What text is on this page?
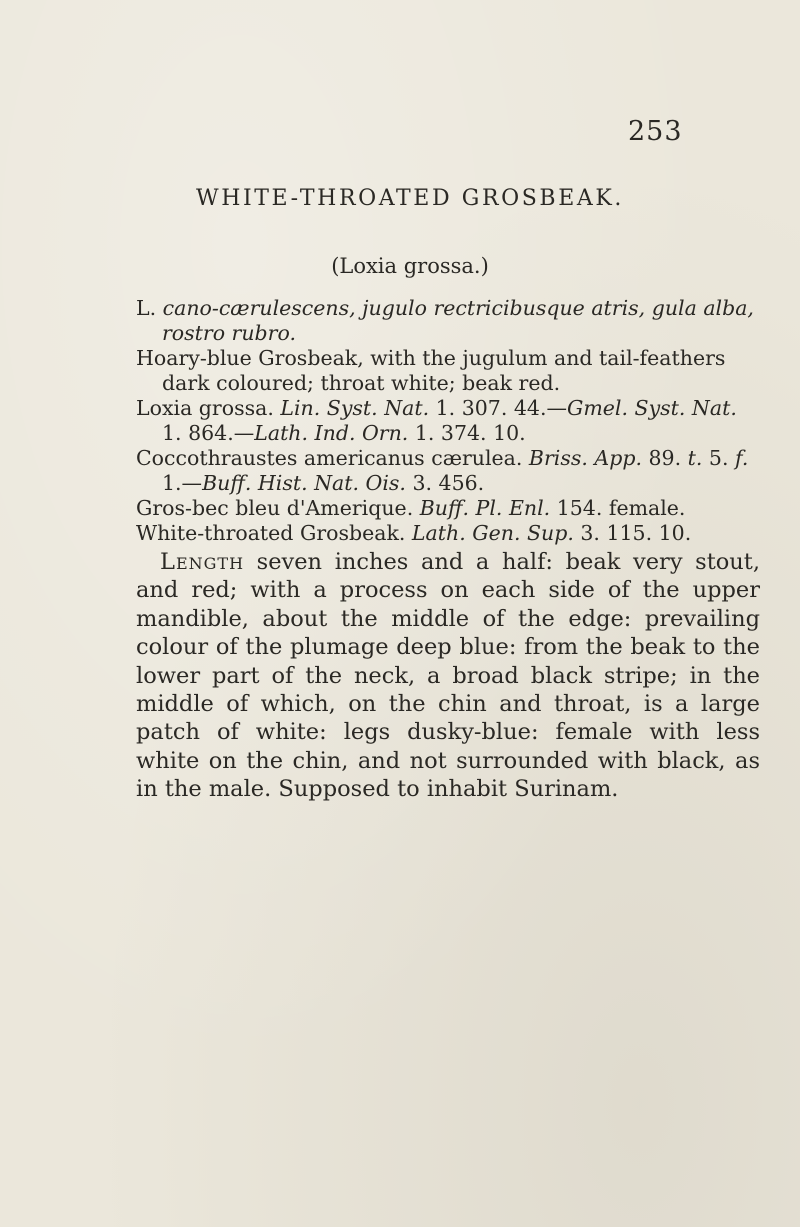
253
WHITE-THROATED GROSBEAK.
(Loxia grossa.)

L. cano-cærulescens, jugulo rectricibusque atris, gula alba, rostro rubro.

Hoary-blue Grosbeak, with the jugulum and tail-feathers dark coloured; throat white; beak red.

Loxia grossa. Lin. Syst. Nat. 1. 307. 44.—Gmel. Syst. Nat. 1. 864.—Lath. Ind. Orn. 1. 374. 10.

Coccothraustes americanus cærulea. Briss. App. 89. t. 5. f. 1.—Buff. Hist. Nat. Ois. 3. 456.

Gros-bec bleu d'Amerique. Buff. Pl. Enl. 154. female.

White-throated Grosbeak. Lath. Gen. Sup. 3. 115. 10.

Length seven inches and a half: beak very stout, and red; with a process on each side of the upper mandible, about the middle of the edge: prevailing colour of the plumage deep blue: from the beak to the lower part of the neck, a broad black stripe; in the middle of which, on the chin and throat, is a large patch of white: legs dusky-blue: female with less white on the chin, and not surrounded with black, as in the male. Supposed to inhabit Surinam.
